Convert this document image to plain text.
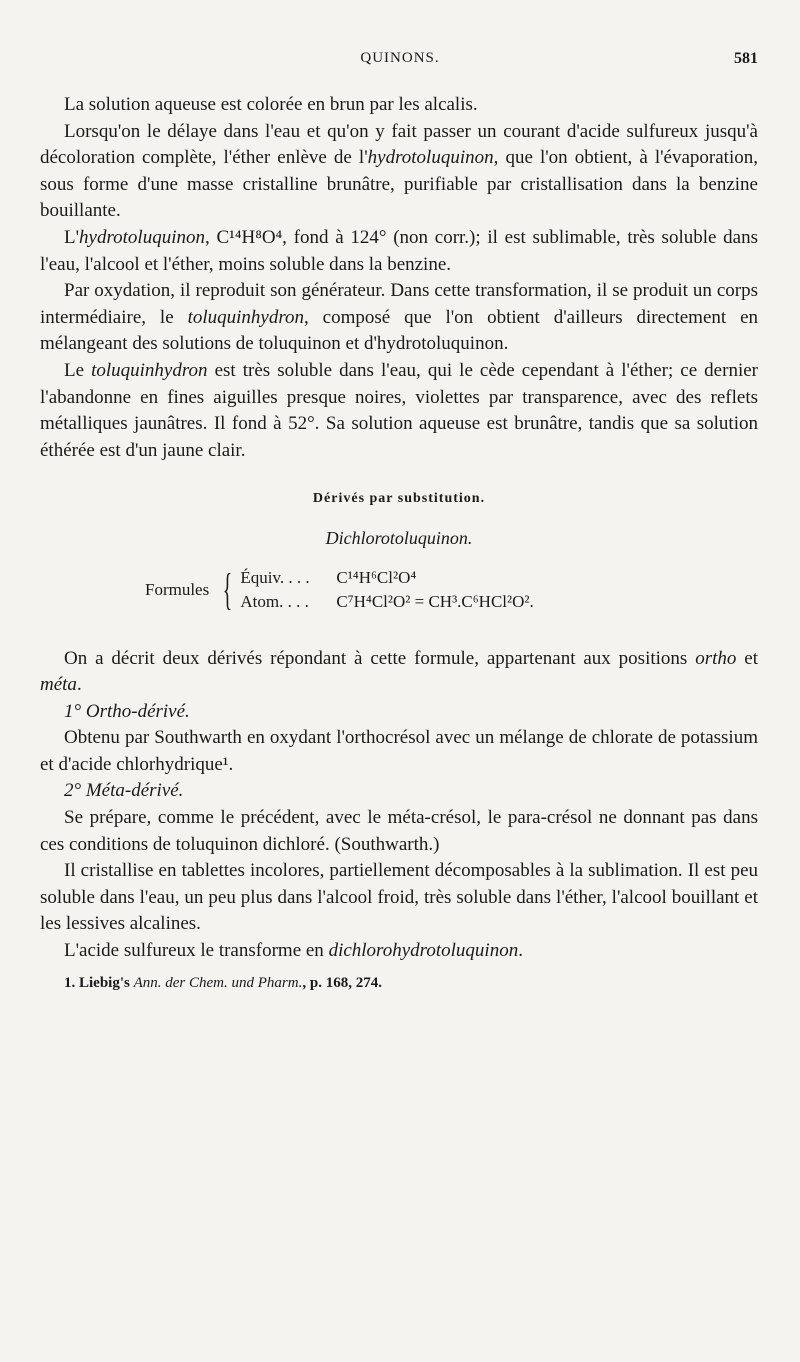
QUINONS.	581

La solution aqueuse est colorée en brun par les alcalis.

Lorsqu'on le délaye dans l'eau et qu'on y fait passer un courant d'acide sulfureux jusqu'à décoloration complète, l'éther enlève de l'hydrotoluquinon, que l'on obtient, à l'évaporation, sous forme d'une masse cristalline brunâtre, purifiable par cristallisation dans la benzine bouillante.

L'hydrotoluquinon, C¹⁴H⁸O⁴, fond à 124° (non corr.); il est sublimable, très soluble dans l'eau, l'alcool et l'éther, moins soluble dans la benzine.

Par oxydation, il reproduit son générateur. Dans cette transformation, il se produit un corps intermédiaire, le toluquinhydron, composé que l'on obtient d'ailleurs directement en mélangeant des solutions de toluquinon et d'hydrotoluquinon.

Le toluquinhydron est très soluble dans l'eau, qui le cède cependant à l'éther; ce dernier l'abandonne en fines aiguilles presque noires, violettes par transparence, avec des reflets métalliques jaunâtres. Il fond à 52°. Sa solution aqueuse est brunâtre, tandis que sa solution éthérée est d'un jaune clair.

Dérivés par substitution.
Dichlorotoluquinon.
Formules { Équiv. . . .	C¹⁴H⁶Cl²O⁴
Atom. . . .	C⁷H⁴Cl²O² = CH³.C⁶HCl²O².

On a décrit deux dérivés répondant à cette formule, appartenant aux positions ortho et méta.

1° Ortho-dérivé.

Obtenu par Southwarth en oxydant l'orthocrésol avec un mélange de chlorate de potassium et d'acide chlorhydrique¹.

2° Méta-dérivé.

Se prépare, comme le précédent, avec le méta-crésol, le para-crésol ne donnant pas dans ces conditions de toluquinon dichloré. (Southwarth.)

Il cristallise en tablettes incolores, partiellement décomposables à la sublimation. Il est peu soluble dans l'eau, un peu plus dans l'alcool froid, très soluble dans l'éther, l'alcool bouillant et les lessives alcalines.

L'acide sulfureux le transforme en dichlorohydrotoluquinon.

1. Liebig's Ann. der Chem. und Pharm., p. 168, 274.
